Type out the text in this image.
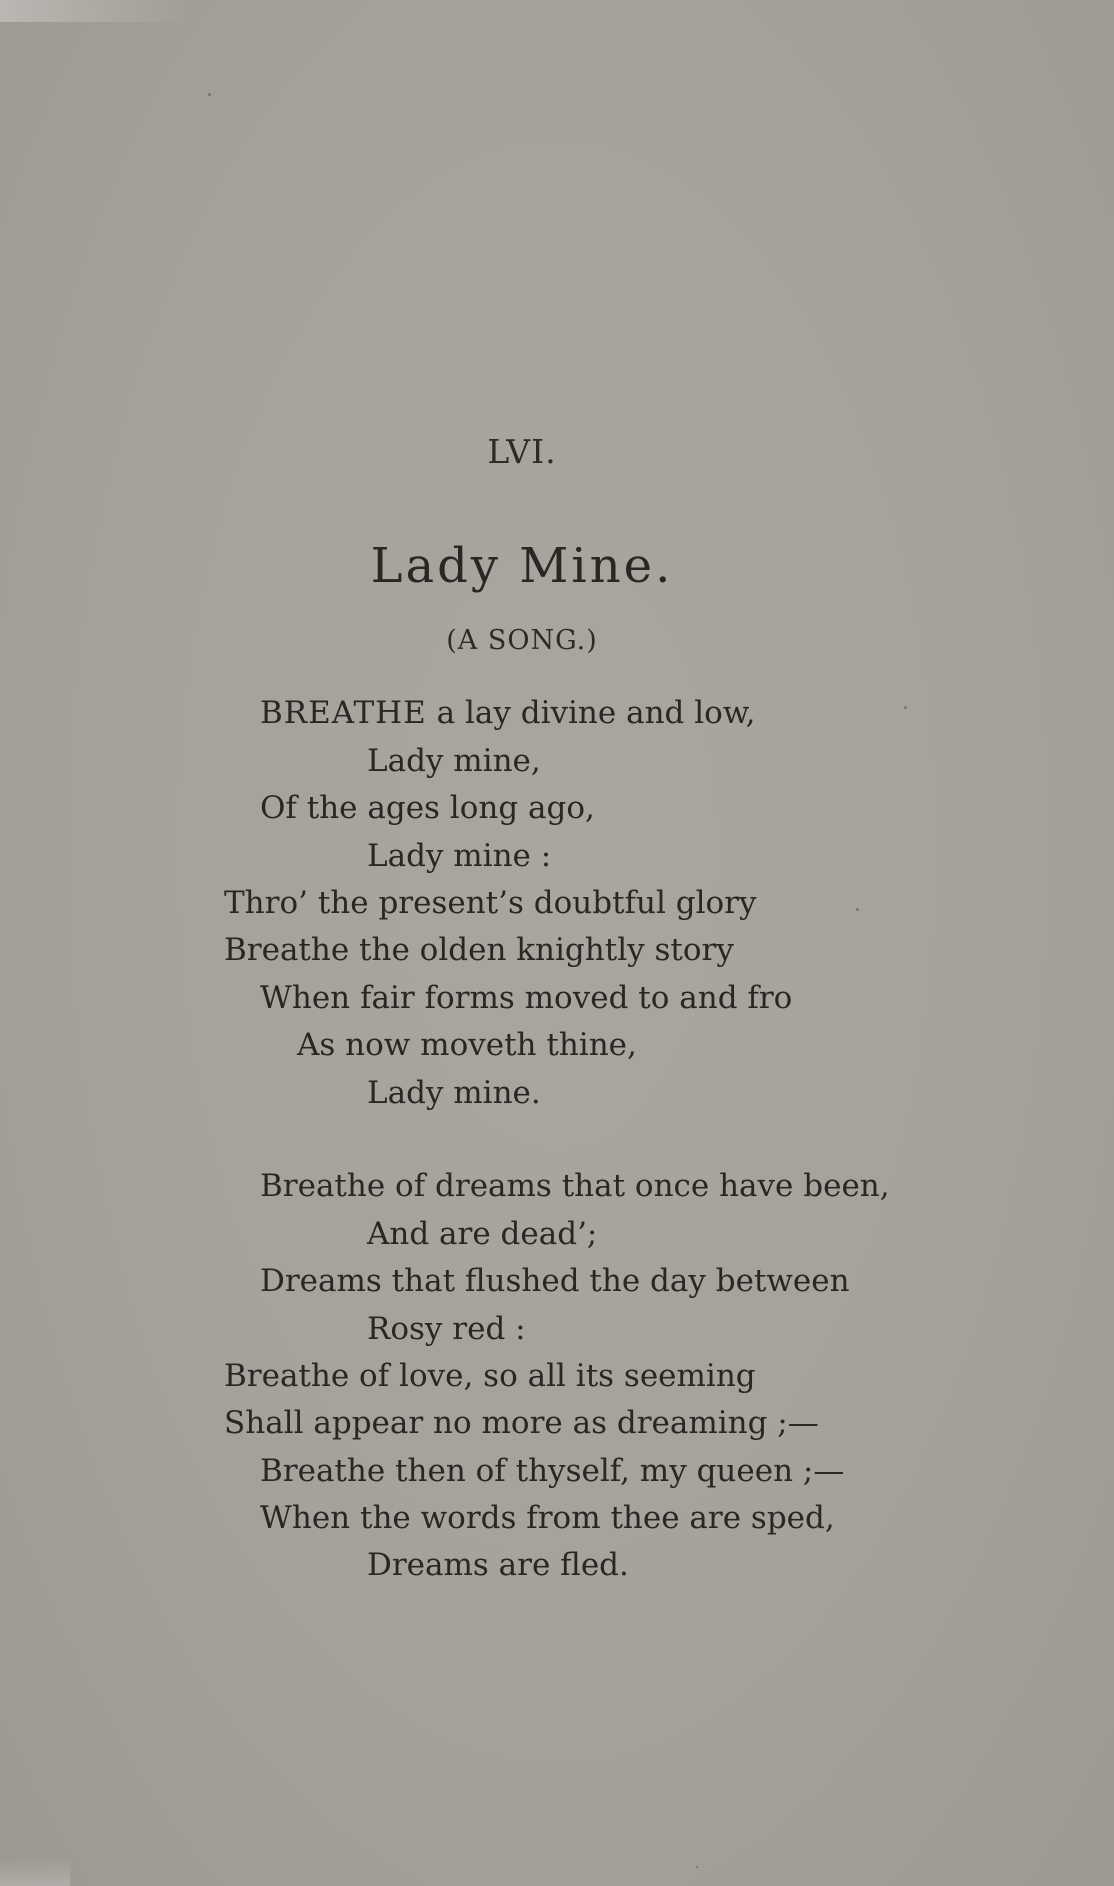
LVI.
Lady Mine.
(A SONG.)
BREATHE a lay divine and low,
Lady mine,
Of the ages long ago,
Lady mine :
Thro’ the present’s doubtful glory
Breathe the olden knightly story
When fair forms moved to and fro
As now moveth thine,
Lady mine.
Breathe of dreams that once have been,
And are dead’;
Dreams that flushed the day between
Rosy red :
Breathe of love, so all its seeming
Shall appear no more as dreaming ;—
Breathe then of thyself, my queen ;—
When the words from thee are sped,
Dreams are fled.
